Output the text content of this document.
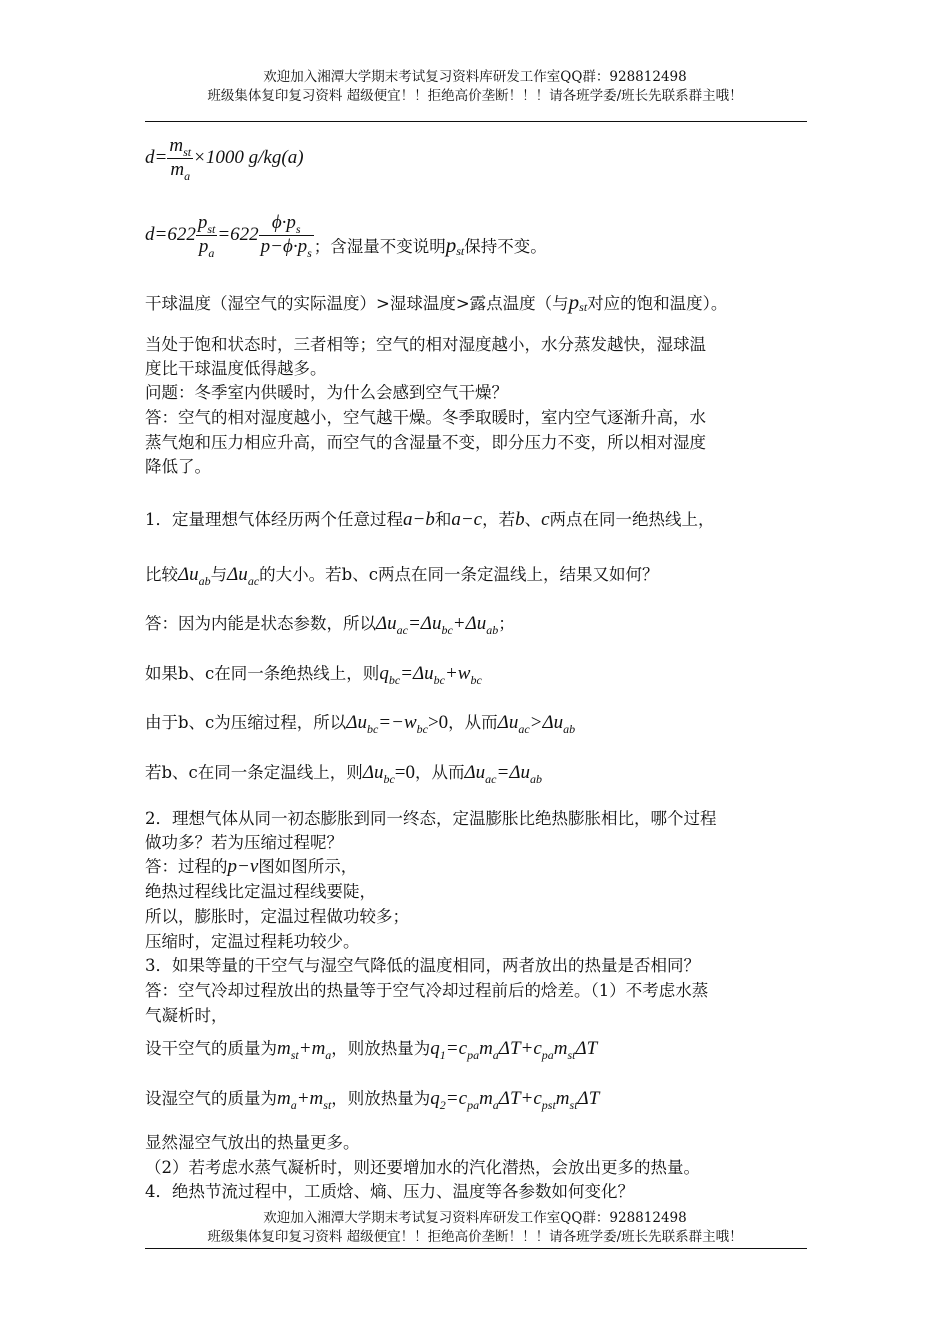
欢迎加入湘潭大学期末考试复习资料库研发工作室QQ群：928812498
班级集体复印复习资料 超级便宜！！拒绝高价垄断！！！请各班学委/班长先联系群主哦！
$d= \frac{m_{st}}{m_a} \times 1000$ g/kg(a)
$d=622 \frac{p_{st}}{p_a} =622 \frac{\phi\cdot p_s}{p-\phi\cdot p_s}$ ；含湿量不变说明$p_{st}$保持不变。
干球温度（湿空气的实际温度）>湿球温度>露点温度（与pst对应的饱和温度）。
当处于饱和状态时，三者相等；空气的相对湿度越小，水分蒸发越快，湿球温
度比干球温度低得越多。
问题：冬季室内供暖时，为什么会感到空气干燥？
答：空气的相对湿度越小，空气越干燥。冬季取暖时，室内空气逐渐升高，水
蒸气炮和压力相应升高，而空气的含湿量不变，即分压力不变，所以相对湿度
降低了。
1．定量理想气体经历两个任意过程a−b和a−c，若b、c两点在同一绝热线上，
比较$\Delta u_{ab}$与$\Delta u_{ac}$的大小。若b、c两点在同一条定温线上，结果又如何？
答：因为内能是状态参数，所以$\Delta u_{ac}=\Delta u_{bc}+\Delta u_{ab}$；
如果b、c在同一条绝热线上，则$q_{bc}=\Delta u_{bc}+w_{bc}$
由于b、c为压缩过程，所以$\Delta u_{bc}=-w_{bc}>0$，从而$\Delta u_{ac}>\Delta u_{ab}$
若b、c在同一条定温线上，则$\Delta u_{bc}=0$，从而$\Delta u_{ac}=\Delta u_{ab}$
2．理想气体从同一初态膨胀到同一终态，定温膨胀比绝热膨胀相比，哪个过程
做功多？若为压缩过程呢？
答：过程的p−v图如图所示，
绝热过程线比定温过程线要陡，
所以，膨胀时，定温过程做功较多；
压缩时，定温过程耗功较少。
3．如果等量的干空气与湿空气降低的温度相同，两者放出的热量是否相同？
答：空气冷却过程放出的热量等于空气冷却过程前后的焓差。（1）不考虑水蒸
气凝析时，
设干空气的质量为$m_{st}+m_a$，则放热量为$q_1=c_{pa}m_a\Delta T+c_{pa}m_{st}\Delta T$
设湿空气的质量为$m_a+m_{st}$，则放热量为$q_2=c_{pa}m_a\Delta T+c_{pst}m_{st}\Delta T$
显然湿空气放出的热量更多。
（2）若考虑水蒸气凝析时，则还要增加水的汽化潜热，会放出更多的热量。
4．绝热节流过程中，工质焓、熵、压力、温度等各参数如何变化？
欢迎加入湘潭大学期末考试复习资料库研发工作室QQ群：928812498
班级集体复印复习资料 超级便宜！！拒绝高价垄断！！！请各班学委/班长先联系群主哦！
